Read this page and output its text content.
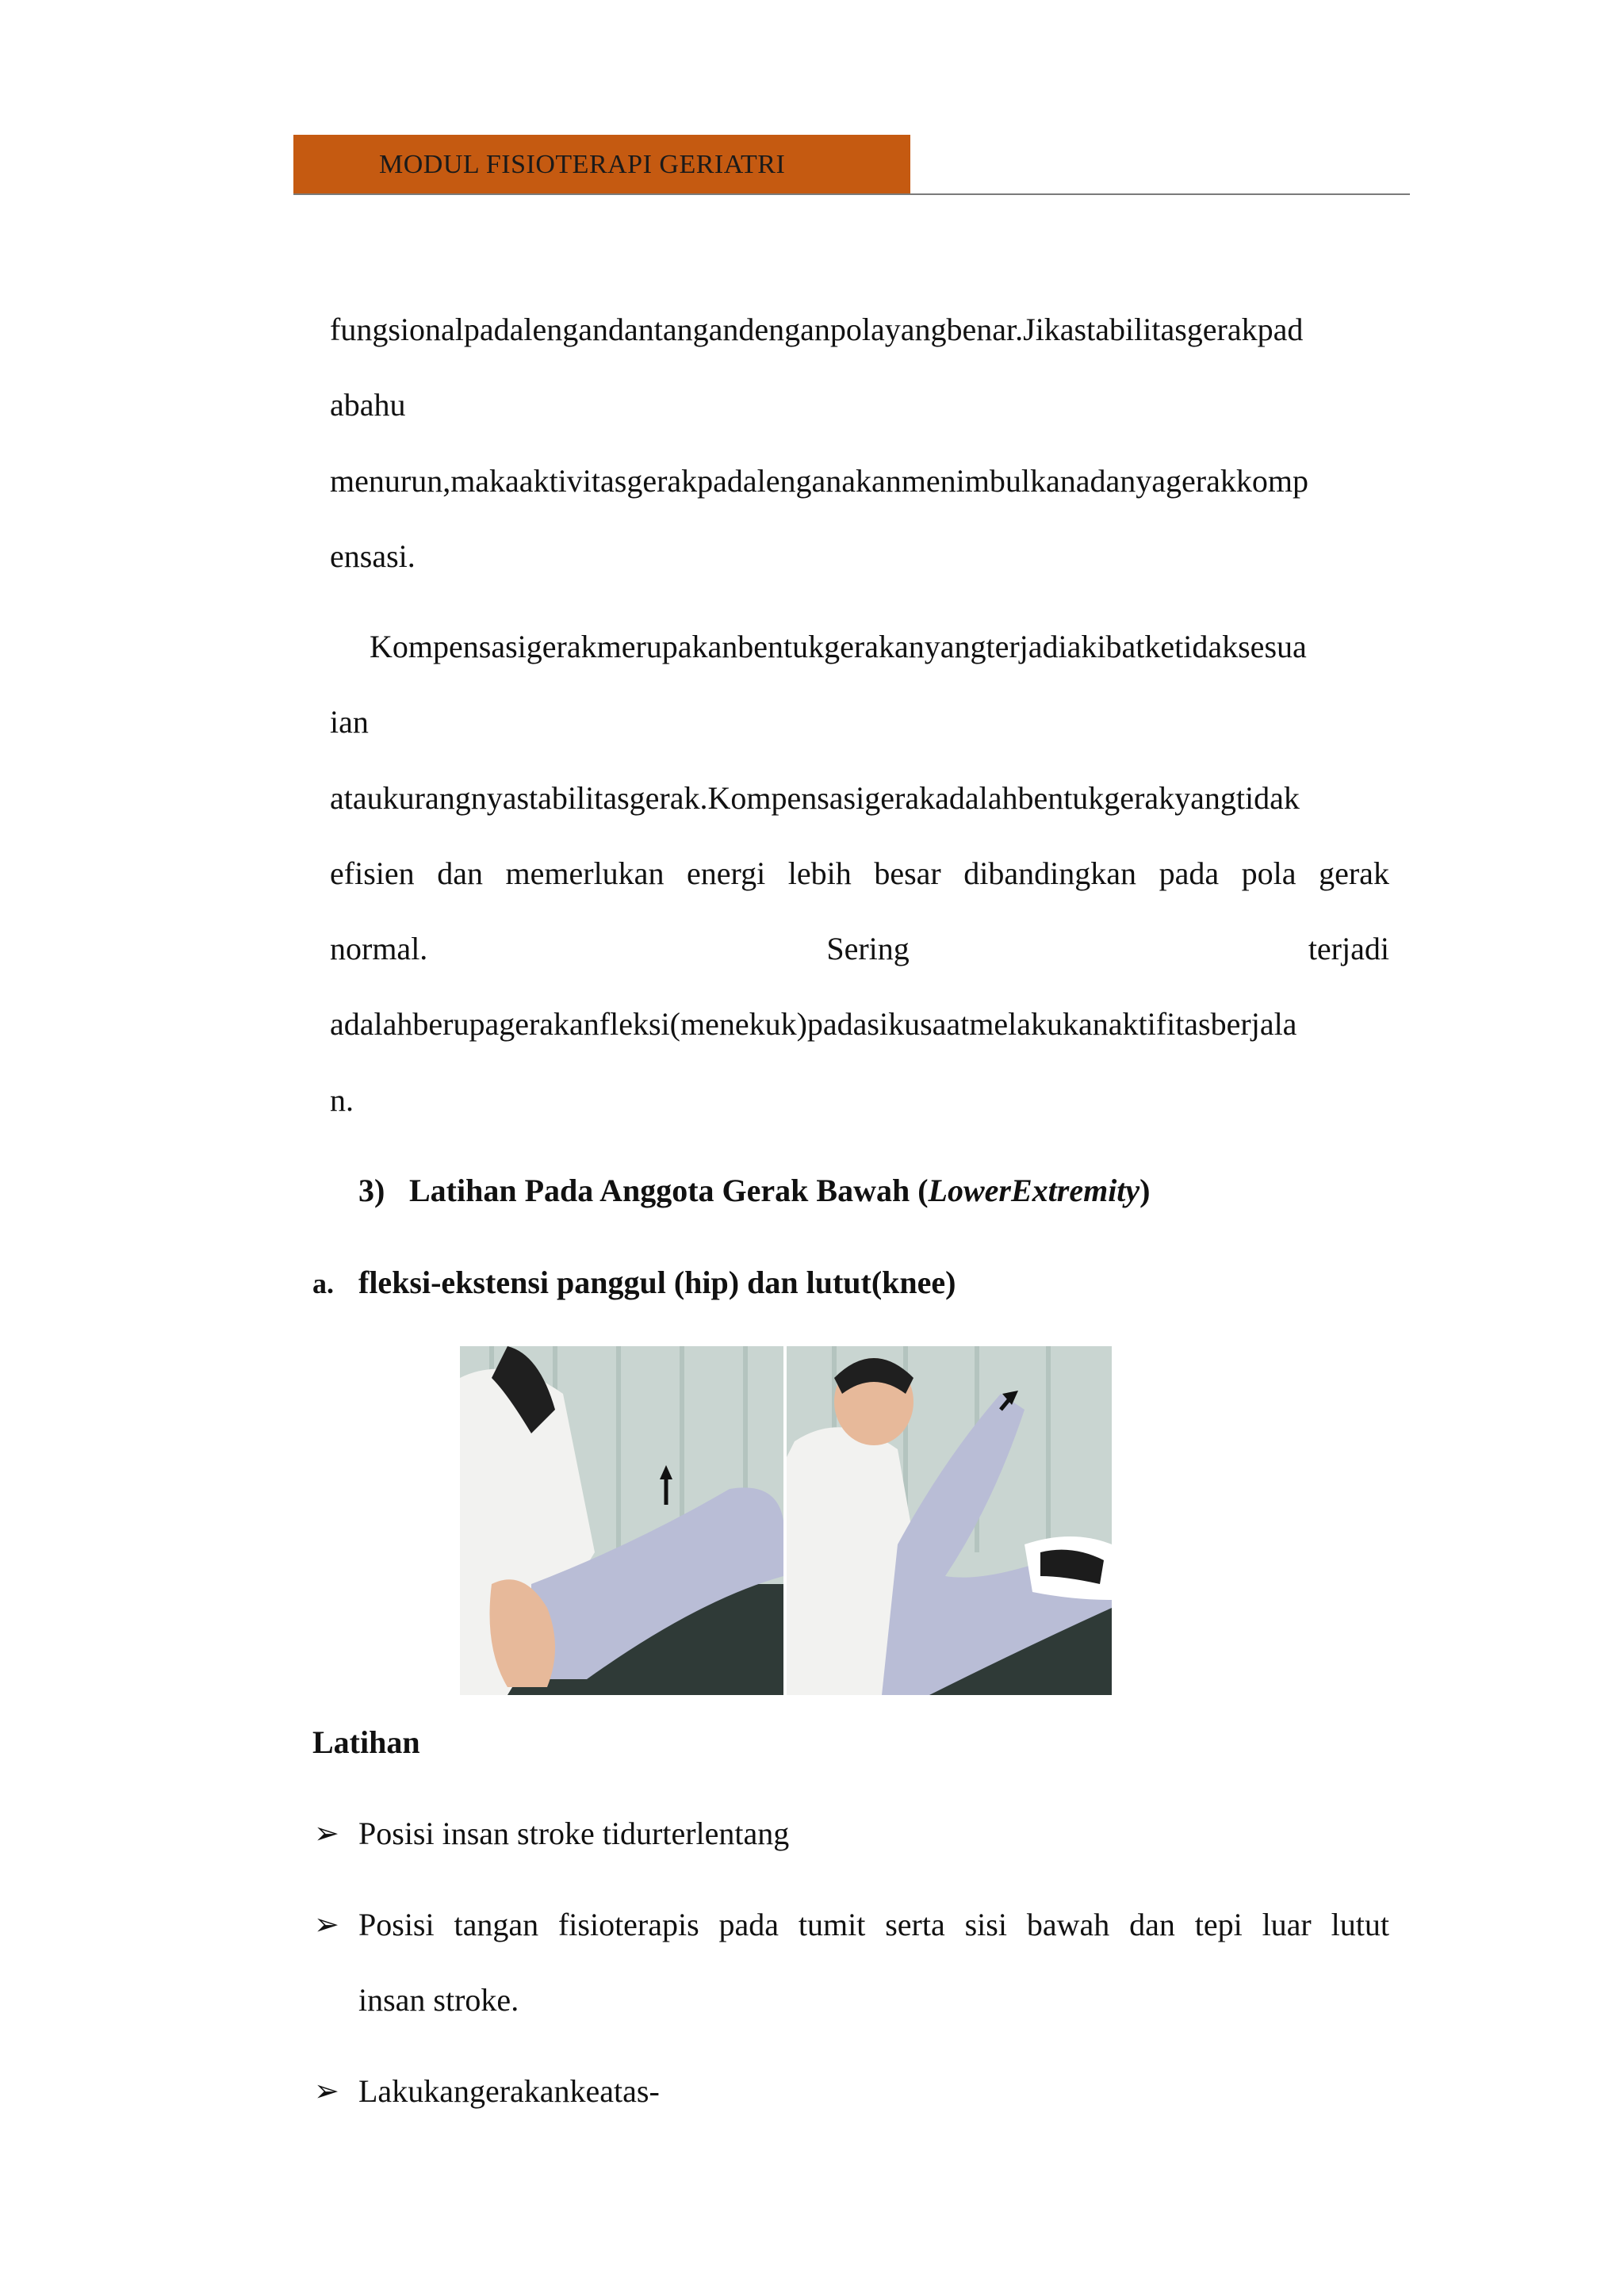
MODUL FISIOTERAPI GERIATRI
fungsionalpadalengandantangandenganpolayangbenar.Jikastabilitasgerakpad
abahu
menurun,makaaktivitasgerakpadalenganakanmenimbulkanadanyagerakkomp
ensasi.
Kompensasigerakmerupakanbentukgerakanyangterjadiakibatketidaksesua
ian
ataukurangnyastabilitasgerak.Kompensasigerakadalahbentukgerakyangtidak
efisien dan memerlukan energi lebih besar dibandingkan pada pola gerak
normal.	Sering	terjadi
adalahberupagerakanfleksi(menekuk)padasikusaatmelakukanaktifitasberjala
n.
3) Latihan Pada Anggota Gerak Bawah (LowerExtremity)
a. fleksi-ekstensi panggul (hip) dan lutut(knee)
Latihan
➢ Posisi insan stroke tidurterlentang
➢ Posisi tangan fisioterapis pada tumit serta sisi bawah dan tepi luar lutut
insan stroke.
➢ Lakukangerakankeatas-
